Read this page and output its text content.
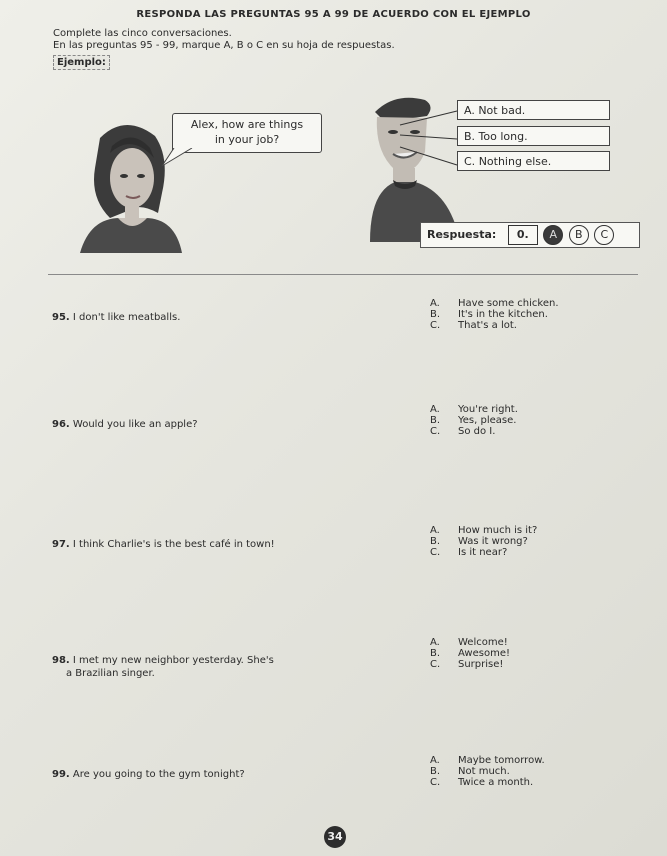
RESPONDA LAS PREGUNTAS 95 A 99 DE ACUERDO CON EL EJEMPLO
Complete las cinco conversaciones.
En las preguntas 95 - 99, marque A, B o C en su hoja de respuestas.
Ejemplo:
Alex, how are things
in your job?
A. Not bad.
B. Too long.
C. Nothing else.
Respuesta: 0. A B C
95. I don't like meatballs.
A. Have some chicken.
B. It's in the kitchen.
C. That's a lot.
96. Would you like an apple?
A. You're right.
B. Yes, please.
C. So do I.
97. I think Charlie's is the best café in town!
A. How much is it?
B. Was it wrong?
C. Is it near?
98. I met my new neighbor yesterday. She's
a Brazilian singer.
A. Welcome!
B. Awesome!
C. Surprise!
99. Are you going to the gym tonight?
A. Maybe tomorrow.
B. Not much.
C. Twice a month.
34
